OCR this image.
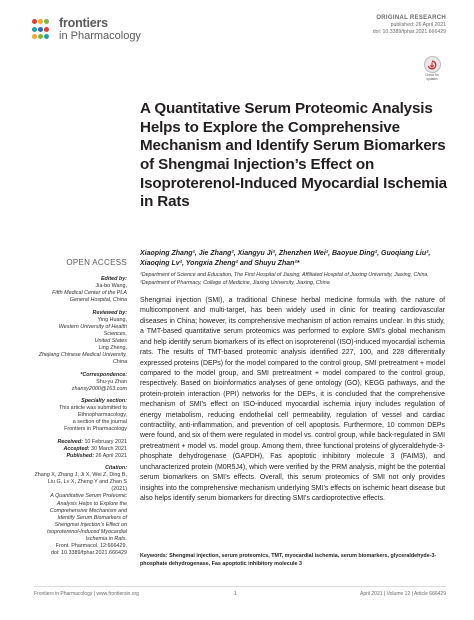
frontiers
in Pharmacology
ORIGINAL RESEARCH
published: 26 April 2021
doi: 10.3389/fphar.2021.666429
Check for
updates
A Quantitative Serum Proteomic Analysis Helps to Explore the Comprehensive Mechanism and Identify Serum Biomarkers of Shengmai Injection’s Effect on Isoproterenol-Induced Myocardial Ischemia in Rats
Xiaoping Zhang¹, Jie Zhang², Xiangyu Ji², Zhenzhen Wei², Baoyue Ding², Guoqiang Liu², Xiaoqing Lv², Yongxia Zheng² and Shuyu Zhan²*
¹Department of Science and Education, The First Hospital of Jiaxing, Affiliated Hospital of Jiaxing University, Jiaxing, China,
²Department of Pharmacy, College of Medicine, Jiaxing University, Jiaxing, China
OPEN ACCESS
Edited by:
Jia-bo Wang,
Fifth Medical Center of the PLA
General Hospital, China
Reviewed by:
Ying Huang,
Western University of Health Sciences,
United States
Ling Zheng,
Zhejiang Chinese Medical University,
China
*Correspondence:
Shu-yu Zhan
zhansy2000@163.com
Specialty section:
This article was submitted to
Ethnopharmacology,
a section of the journal
Frontiers in Pharmacology
Received: 10 February 2021
Accepted: 30 March 2021
Published: 26 April 2021
Citation:
Zhang X, Zhang J, Ji X, Wei Z, Ding B,
Liu G, Lv X, Zheng Y and Zhan S (2021)
A Quantitative Serum Proteomic
Analysis Helps to Explore the
Comprehensive Mechanism and
Identify Serum Biomarkers of
Shengmai Injection’s Effect on
Isoproterenol-Induced Myocardial
Ischemia in Rats.
Front. Pharmacol. 12:666429.
doi: 10.3389/fphar.2021.666429

Shengmai injection (SMI), a traditional Chinese herbal medicine formula with the nature of multicomponent and multi-target, has been widely used in clinic for treating cardiovascular diseases in China; however, its comprehensive mechanism of action remains unclear. In this study, a TMT-based quantitative serum proteomics was performed to explore SMI’s global mechanism and help identify serum biomarkers of its effect on isoproterenol (ISO)-induced myocardial ischemia rats. The results of TMT-based proteomic analysis identified 227, 100, and 228 differentially expressed proteins (DEPs) for the model compared to the control group, SMI pretreatment + model compared to the model group, and SMI pretreatment + model compared to the control group, respectively. Based on bioinformatics analyses of gene ontology (GO), KEGG pathways, and the protein-protein interaction (PPI) networks for the DEPs, it is concluded that the comprehensive mechanism of SMI’s effect on ISO-induced myocardial ischemia injury includes regulation of energy metabolism, reducing endothelial cell permeability, regulation of vessel and cardiac contractility, anti-inflammation, and prevention of cell apoptosis. Furthermore, 10 common DEPs were found, and six of them were regulated in model vs. control group, while back-regulated in SMI pretreatment + model vs. model group. Among them, three functional proteins of glyceraldehyde-3-phosphate dehydrogenase (GAPDH), Fas apoptotic inhibitory molecule 3 (FAIM3), and uncharacterized protein (M0R5J4), which were verified by the PRM analysis, might be the potential serum biomarkers on SMI’s effects. Overall, this serum proteomics of SMI not only provides insights into the comprehensive mechanism underlying SMI’s effects on ischemic heart disease but also helps identify serum biomarkers for directing SMI’s cardioprotective effects.

Keywords: Shengmai injection, serum proteomics, TMT, myocardial ischemia, serum biomarkers, glyceraldehyde-3-phosphate dehydrogenase, Fas apoptotic inhibitory molecule 3
Frontiers in Pharmacology | www.frontiersin.org	1	April 2021 | Volume 12 | Article 666429
